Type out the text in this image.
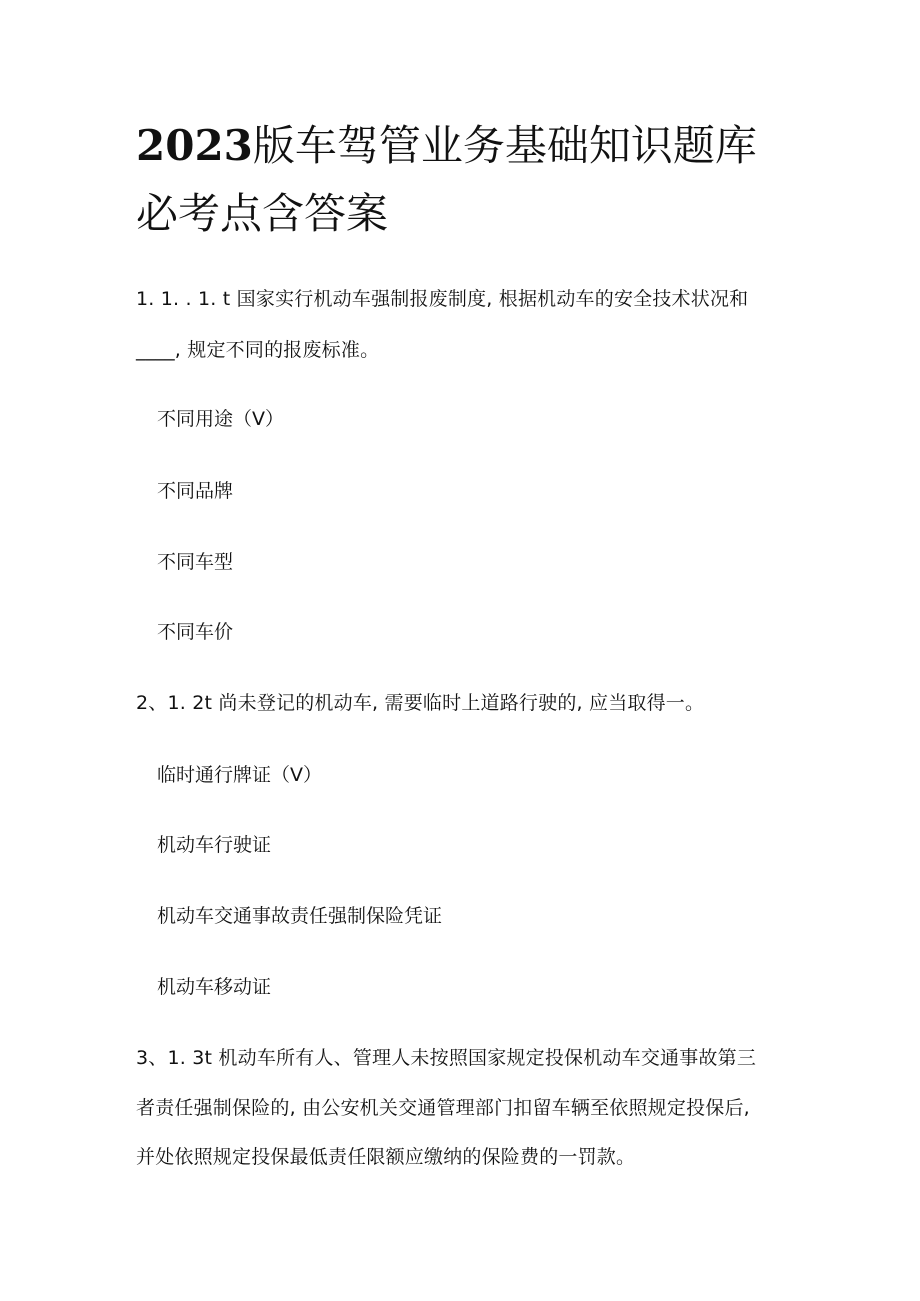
2023版车驾管业务基础知识题库必考点含答案

1. 1. . 1. t 国家实行机动车强制报废制度, 根据机动车的安全技术状况和

____, 规定不同的报废标准。

不同用途（V）

不同品牌

不同车型

不同车价

2、1. 2t 尚未登记的机动车, 需要临时上道路行驶的, 应当取得一。

临时通行牌证（V）

机动车行驶证

机动车交通事故责任强制保险凭证

机动车移动证

3、1. 3t 机动车所有人、管理人未按照国家规定投保机动车交通事故第三

者责任强制保险的, 由公安机关交通管理部门扣留车辆至依照规定投保后,

并处依照规定投保最低责任限额应缴纳的保险费的一罚款。
